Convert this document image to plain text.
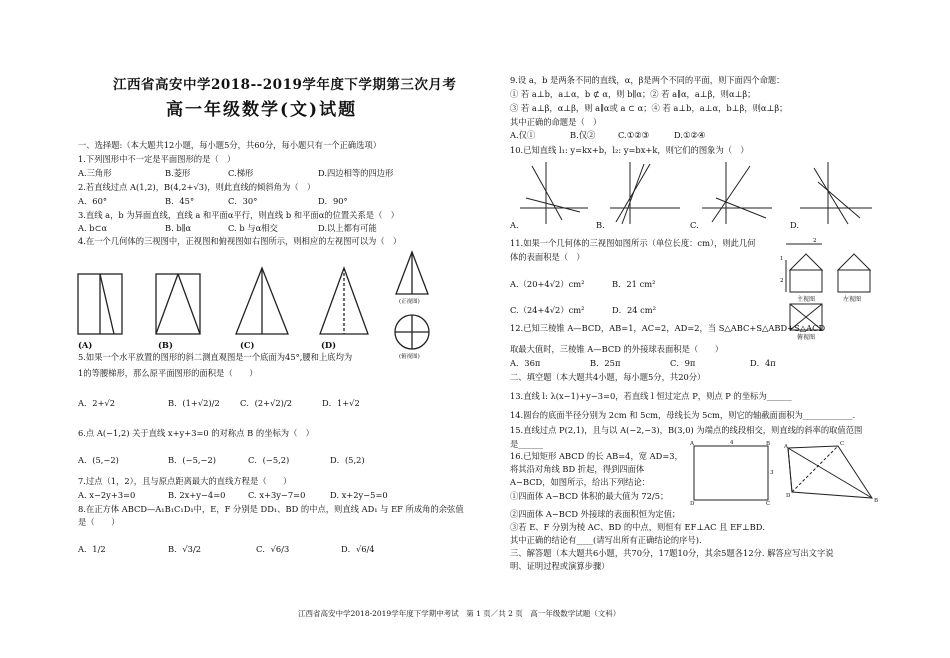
江西省高安中学2018--2019学年度下学期第三次月考
高一年级数学(文)试题
一、选择题:（本大题共12小题，每小题5分，共60分，每小题只有一个正确选项）
1.下列图形中不一定是平面图形的是（　）
A.三角形	B.菱形	C.梯形	D.四边相等的四边形
2.若直线过点 A(1,2)，B(4,2+√3)，则此直线的倾斜角为（　）
A．60°	B．45°	C．30°	D．90°
3.直线 a，b 为异面直线，直线 a 和平面α平行，则直线 b 和平面α的位置关系是（　）
A. b⊂α	B. b∥α	C. b 与α相交	D.以上都有可能
4.在一个几何体的三视图中，正视图和俯视图如右图所示，则相应的左视图可以为（　）
(A)	(B)	(C)	(D)
(正视图)
(俯视图)
5.如果一个水平放置的图形的斜二测直观图是一个底面为45°,腰和上底均为
1的等腰梯形，那么原平面图形的面积是（　　）
A．2+√2	B．(1+√2)/2 C．(2+√2)/2	D．1+√2
6.点 A(−1,2) 关于直线 x+y+3=0 的对称点 B 的坐标为（　）
A．(5,−2)	B．(−5,−2)	C．(−5,2)	D．(5,2)
7.过点（1，2），且与原点距离最大的直线方程是（　　）
A. x−2y+3=0	B. 2x+y−4=0	C. x+3y−7=0	D. x+2y−5=0
8.在正方体 ABCD—A₁B₁C₁D₁中，E，F 分别是 DD₁、BD 的中点，则直线 AD₁ 与 EF 所成角的余弦值
是（　　）
A．1/2	B．√3/2	C．√6/3	D．√6/4
9.设 a，b 是两条不同的直线，α，β是两个不同的平面，则下面四个命题：
① 若 a⊥b，a⊥α，b ⊄ α，则 b∥α；② 若 a∥α，a⊥β，则α⊥β；
③ 若 a⊥β，α⊥β，则 a∥α或 a ⊂ α；④ 若 a⊥b，a⊥α，b⊥β，则α⊥β；
其中正确的命题是（　）
A.仅①	B.仅②	C.①②③	D.①②④
10.已知直线 l₁: y=kx+b，l₂: y=bx+k，则它们的图象为（　）
A.	B.	C.	D.
11.如果一个几何体的三视图如图所示（单位长度：cm），则此几何
体的表面积是（　）
A.（20+4√2）cm²	B．21 cm²
C.（24+4√2）cm²	D．24 cm²
2
1
2
主视图	左视图
俯视图
12.已知三棱锥 A—BCD，AB=1，AC=2，AD=2，当 S△ABC+S△ABD+S△ACD
取最大值时，三棱锥 A—BCD 的外接球表面积是（　　）
A．36π	B．25π	C．9π	D．4π
二、填空题（本大题共4小题，每小题5分，共20分）
13.直线 l: λ(x−1)+y−3=0，若直线 l 恒过定点 P，则点 P 的坐标为______
14.圆台的底面半径分别为 2cm 和 5cm，母线长为 5cm，则它的轴截面面积为____________．
15.直线过点 P(2,1)，且与以 A(−2,−3)，B(3,0) 为端点的线段相交，则直线的斜率的取值范围
是______
16.已知矩形 ABCD 的长 AB=4，宽 AD=3，
将其沿对角线 BD 折起，得到四面体
A−BCD，如图所示，给出下列结论：
①四面体 A−BCD 体积的最大值为 72/5；
②四面体 A−BCD 外接球的表面积恒为定值；
③若 E、F 分别为棱 AC、BD 的中点，则恒有 EF⊥AC 且 EF⊥BD．
其中正确的结论有____(请写出所有正确结论的序号).
A	B
C
D
4
3
A
B
C
D
三、解答题（本大题共6小题，共70分，17题10分，其余5题各12分. 解答应写出文字说
明、证明过程或演算步骤）
江西省高安中学2018-2019学年度下学期中考试　第 1 页／共 2 页　高一年级数学试题（文科）
